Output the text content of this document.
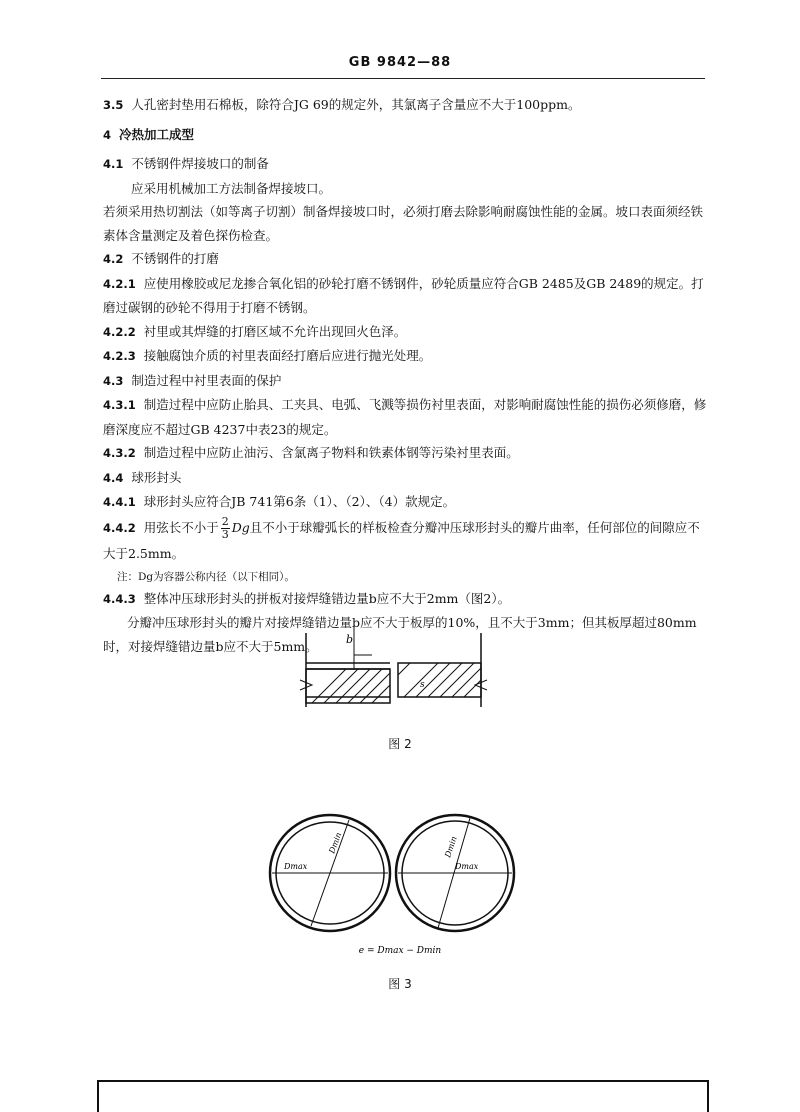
GB 9842—88

3.5 人孔密封垫用石棉板，除符合JG 69的规定外，其氯离子含量应不大于100ppm。

4 冷热加工成型

4.1 不锈钢件焊接坡口的制备

应采用机械加工方法制备焊接坡口。

若须采用热切割法（如等离子切割）制备焊接坡口时，必须打磨去除影响耐腐蚀性能的金属。坡口表面须经铁素体含量测定及着色探伤检查。

4.2 不锈钢件的打磨

4.2.1 应使用橡胶或尼龙掺合氧化铝的砂轮打磨不锈钢件，砂轮质量应符合GB 2485及GB 2489的规定。打磨过碳钢的砂轮不得用于打磨不锈钢。

4.2.2 衬里或其焊缝的打磨区域不允许出现回火色泽。

4.2.3 接触腐蚀介质的衬里表面经打磨后应进行抛光处理。

4.3 制造过程中衬里表面的保护

4.3.1 制造过程中应防止胎具、工夹具、电弧、飞溅等损伤衬里表面，对影响耐腐蚀性能的损伤必须修磨，修磨深度应不超过GB 4237中表23的规定。

4.3.2 制造过程中应防止油污、含氯离子物料和铁素体钢等污染衬里表面。

4.4 球形封头

4.4.1 球形封头应符合JB 741第6条（1）、（2）、（4）款规定。

4.4.2 用弦长不小于 $\frac{2}{3}$ Dg且不小于球瓣弧长的样板检查分瓣冲压球形封头的瓣片曲率，任何部位的间隙应不大于2.5mm。

注：Dg为容器公称内径（以下相同）。

4.4.3 整体冲压球形封头的拼板对接焊缝错边量b应不大于2mm（图2）。

分瓣冲压球形封头的瓣片对接焊缝错边量b应不大于板厚的10%，且不大于3mm；但其板厚超过80mm时，对接焊缝错边量b应不大于5mm。	b
s
图 2
Dmax
Dmin
Dmax
Dmin
e = Dmax − Dmin
图 3
